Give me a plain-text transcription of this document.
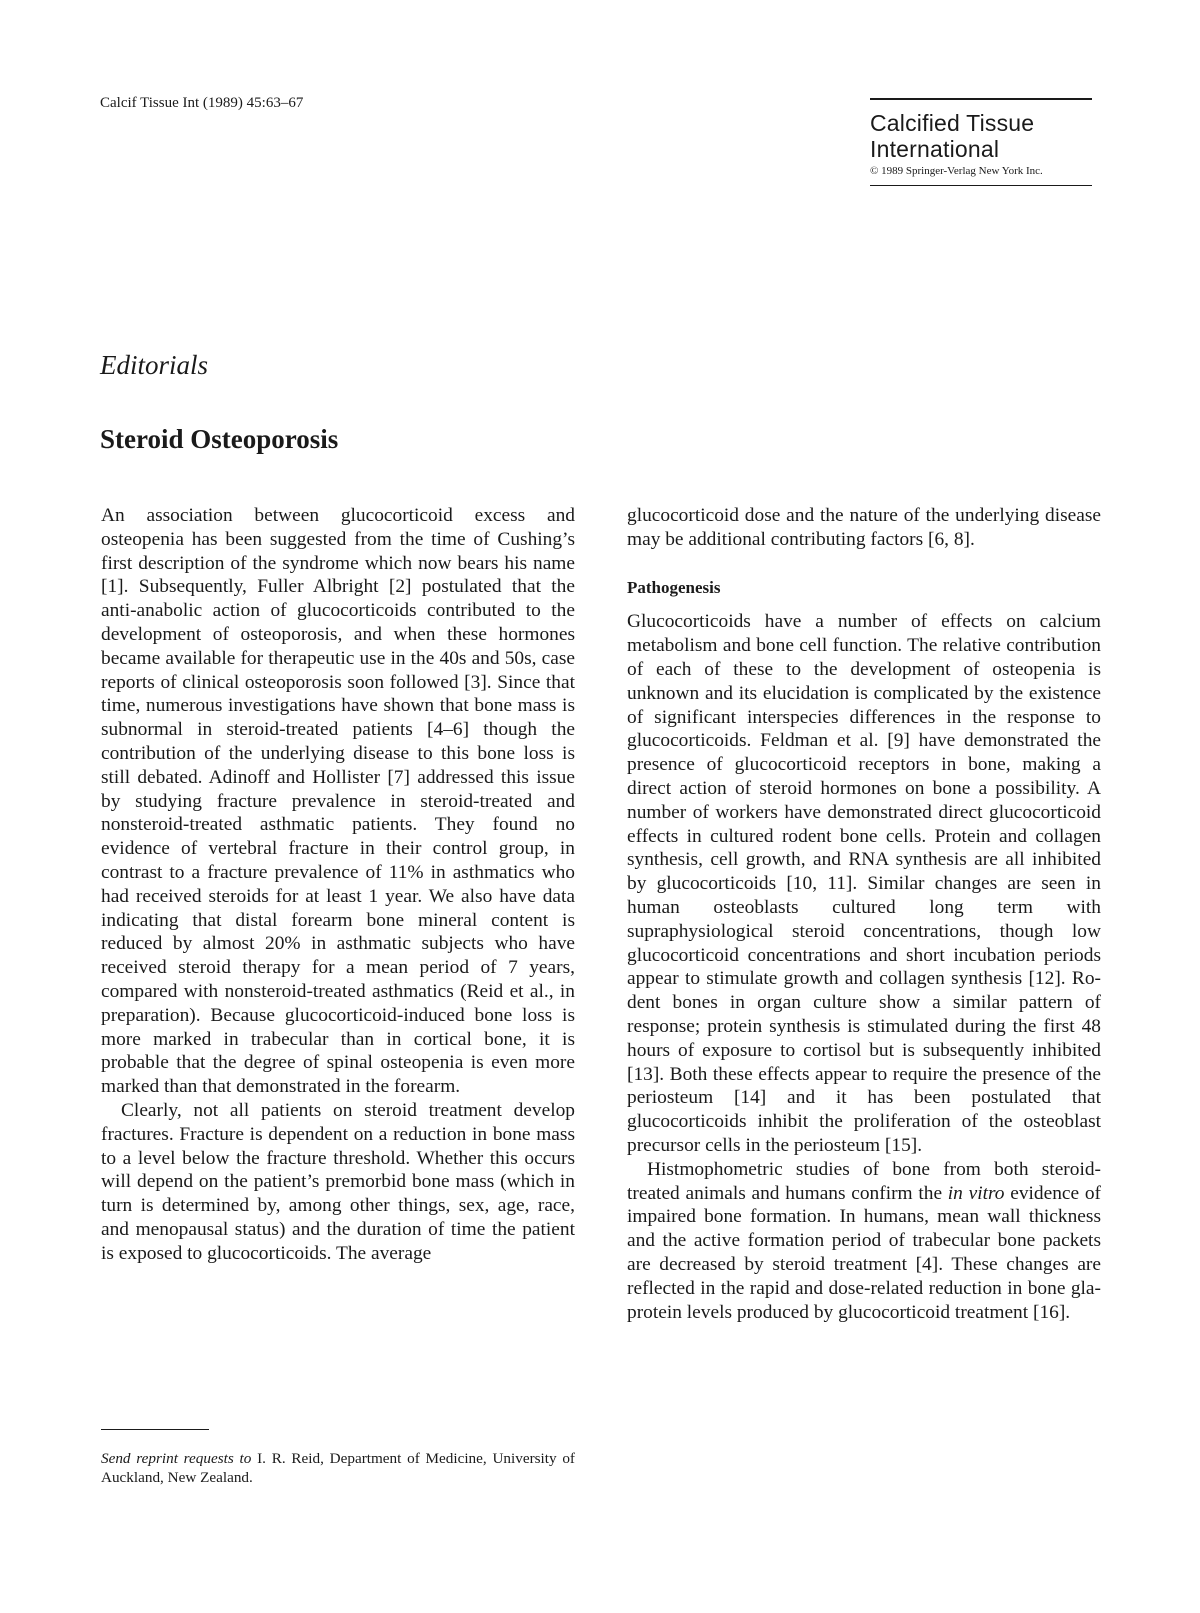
Calcif Tissue Int (1989) 45:63–67
Calcified Tissue International
© 1989 Springer-Verlag New York Inc.
Editorials
Steroid Osteoporosis

An association between glucocorticoid excess and osteopenia has been suggested from the time of Cushing’s first description of the syndrome which now bears his name [1]. Subsequently, Fuller Albright [2] postulated that the anti-anabolic action of glucocorticoids contributed to the development of osteoporosis, and when these hormones became available for therapeutic use in the 40s and 50s, case reports of clinical osteoporosis soon followed [3]. Since that time, numerous investigations have shown that bone mass is subnormal in steroid-treated patients [4–6] though the contribution of the underlying disease to this bone loss is still debated. Adinoff and Hollister [7] addressed this issue by studying fracture prevalence in steroid-treated and nonsteroid-treated asthmatic patients. They found no evidence of vertebral fracture in their control group, in contrast to a fracture prevalence of 11% in asthmatics who had received steroids for at least 1 year. We also have data indicating that distal forearm bone mineral content is reduced by almost 20% in asthmatic subjects who have received steroid therapy for a mean period of 7 years, compared with nonsteroid-treated asthmatics (Reid et al., in preparation). Because glucocorticoid-induced bone loss is more marked in trabecular than in cortical bone, it is probable that the degree of spinal osteopenia is even more marked than that demonstrated in the forearm.

Clearly, not all patients on steroid treatment develop fractures. Fracture is dependent on a reduction in bone mass to a level below the fracture threshold. Whether this occurs will depend on the patient’s premorbid bone mass (which in turn is determined by, among other things, sex, age, race, and menopausal status) and the duration of time the patient is exposed to glucocorticoids. The average

glucocorticoid dose and the nature of the underlying disease may be additional contributing factors [6, 8].

Pathogenesis

Glucocorticoids have a number of effects on calcium metabolism and bone cell function. The relative contribution of each of these to the development of osteopenia is unknown and its elucidation is complicated by the existence of significant interspecies differences in the response to glucocorticoids. Feldman et al. [9] have demonstrated the presence of glucocorticoid receptors in bone, making a direct action of steroid hormones on bone a possibility. A number of workers have demonstrated direct glucocorticoid effects in cultured rodent bone cells. Protein and collagen synthesis, cell growth, and RNA synthesis are all inhibited by glucocorticoids [10, 11]. Similar changes are seen in human osteoblasts cultured long term with supraphysiological steroid concentrations, though low glucocorticoid concentrations and short incubation periods appear to stimulate growth and collagen synthesis [12]. Rodent bones in organ culture show a similar pattern of response; protein synthesis is stimulated during the first 48 hours of exposure to cortisol but is subsequently inhibited [13]. Both these effects appear to require the presence of the periosteum [14] and it has been postulated that glucocorticoids inhibit the proliferation of the osteoblast precursor cells in the periosteum [15].

Histmophometric studies of bone from both steroid-treated animals and humans confirm the in vitro evidence of impaired bone formation. In humans, mean wall thickness and the active formation period of trabecular bone packets are decreased by steroid treatment [4]. These changes are reflected in the rapid and dose-related reduction in bone glaprotein levels produced by glucocorticoid treatment [16].

Send reprint requests to I. R. Reid, Department of Medicine, University of Auckland, New Zealand.
